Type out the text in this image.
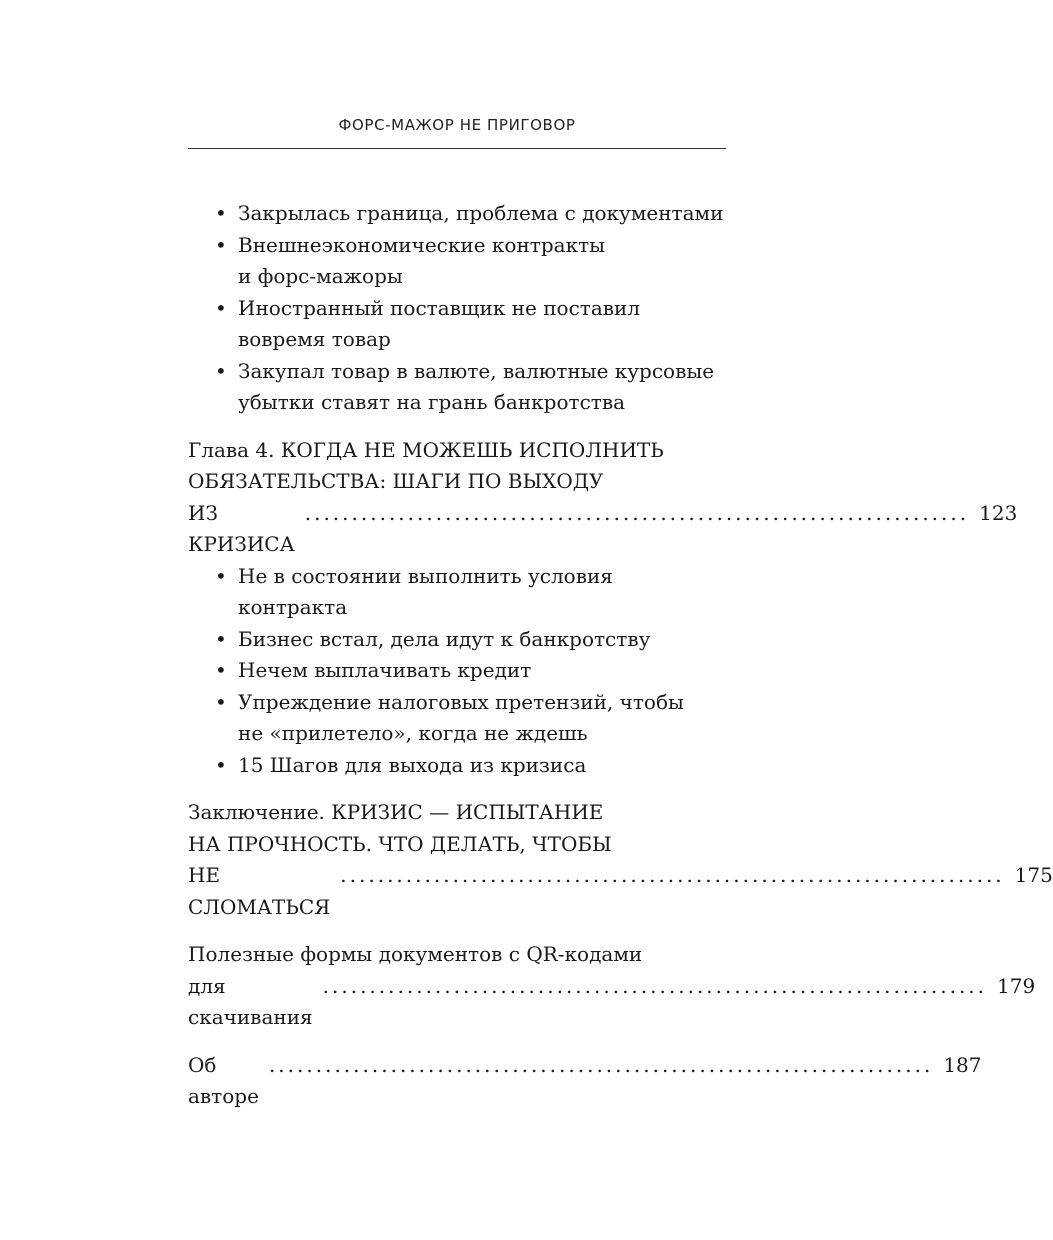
ФОРС-МАЖОР НЕ ПРИГОВОР
• Закрылась граница, проблема с документами
• Внешнеэкономические контракты
и форс-мажоры
• Иностранный поставщик не поставил
вовремя товар
• Закупал товар в валюте, валютные курсовые
убытки ставят на грань банкротства
Глава 4. КОГДА НЕ МОЖЕШЬ ИСПОЛНИТЬ
ОБЯЗАТЕЛЬСТВА: ШАГИ ПО ВЫХОДУ
ИЗ КРИЗИСА
....................................................................... 123
• Не в состоянии выполнить условия
контракта
• Бизнес встал, дела идут к банкротству
• Нечем выплачивать кредит
• Упреждение налоговых претензий, чтобы
не «прилетело», когда не ждешь
• 15 Шагов для выхода из кризиса
Заключение. КРИЗИС — ИСПЫТАНИЕ
НА ПРОЧНОСТЬ. ЧТО ДЕЛАТЬ, ЧТОБЫ
НЕ СЛОМАТЬСЯ
....................................................................... 175
Полезные формы документов с QR-кодами
для скачивания
....................................................................... 179
Об авторе
....................................................................... 187
